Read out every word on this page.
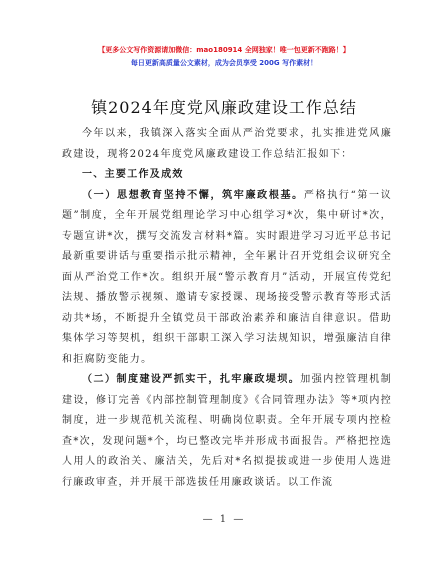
【更多公文写作资源请加微信：mao180914 全网独家！唯一包更新不跑路！】
每日更新高质量公文素材，成为会员享受 200G 写作素材！
镇2024年度党风廉政建设工作总结

今年以来，我镇深入落实全面从严治党要求，扎实推进党风廉政建设，现将2024年度党风廉政建设工作总结汇报如下：

一、主要工作及成效

（一）思想教育坚持不懈，筑牢廉政根基。严格执行“第一议题”制度，全年开展党组理论学习中心组学习*次，集中研讨*次，专题宣讲*次，撰写交流发言材料*篇。实时跟进学习习近平总书记最新重要讲话与重要指示批示精神，全年累计召开党组会议研究全面从严治党工作*次。组织开展“警示教育月”活动，开展宣传党纪法规、播放警示视频、邀请专家授课、现场接受警示教育等形式活动共*场，不断提升全镇党员干部政治素养和廉洁自律意识。借助集体学习等契机，组织干部职工深入学习法规知识，增强廉洁自律和拒腐防变能力。

（二）制度建设严抓实干，扎牢廉政堤坝。加强内控管理机制建设，修订完善《内部控制管理制度》《合同管理办法》等*项内控制度，进一步规范机关流程、明确岗位职责。全年开展专项内控检查*次，发现问题*个，均已整改完毕并形成书面报告。严格把控选人用人的政治关、廉洁关，先后对*名拟提拔或进一步使用人选进行廉政审查，并开展干部选拔任用廉政谈话。以工作流

— 1 —
